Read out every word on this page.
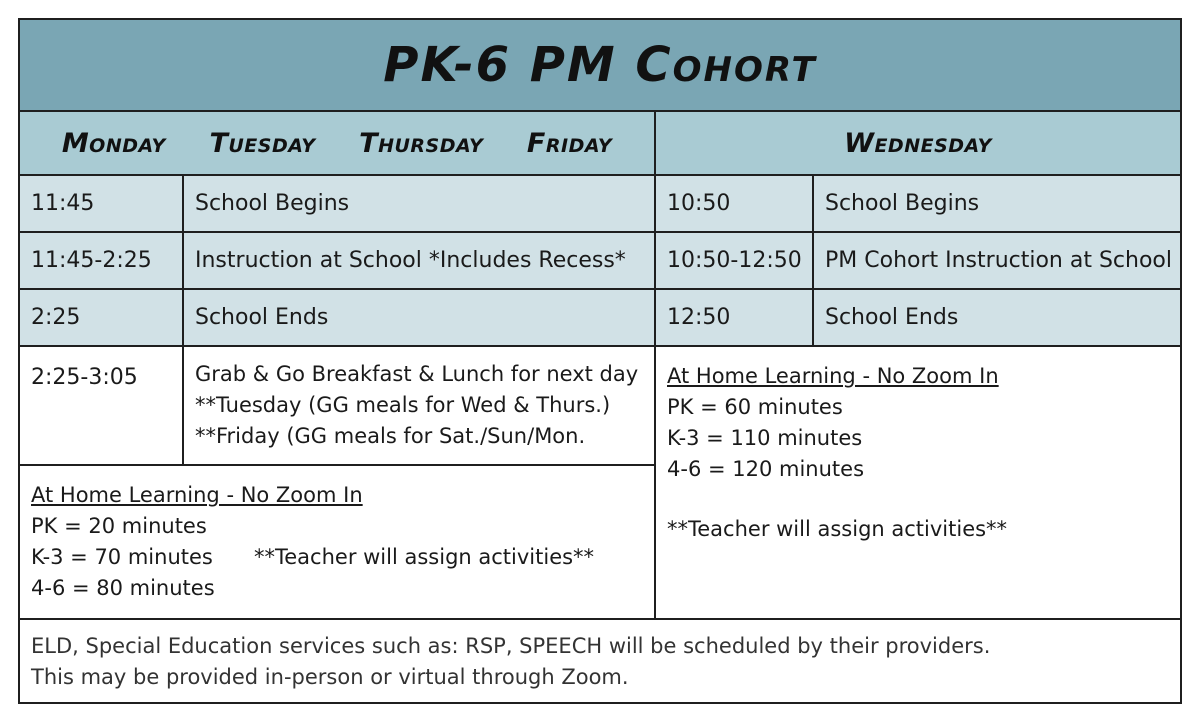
PK-6 PM Cohort
Monday Tuesday Thursday Friday	Wednesday
11:45	School Begins
11:45-2:25 Instruction at School *Includes Recess*
2:25	School Ends
2:25-3:05	Grab & Go Breakfast & Lunch for next day
**Tuesday (GG meals for Wed & Thurs.)
**Friday (GG meals for Sat./Sun/Mon.
At Home Learning - No Zoom In
PK = 20 minutes
K-3 = 70 minutes	**Teacher will assign activities**
4-6 = 80 minutes
10:50	School Begins
10:50-12:50 PM Cohort Instruction at School
12:50	School Ends
At Home Learning - No Zoom In
PK = 60 minutes
K-3 = 110 minutes
4-6 = 120 minutes
**Teacher will assign activities**
ELD, Special Education services such as: RSP, SPEECH will be scheduled by their providers.
This may be provided in-person or virtual through Zoom.
